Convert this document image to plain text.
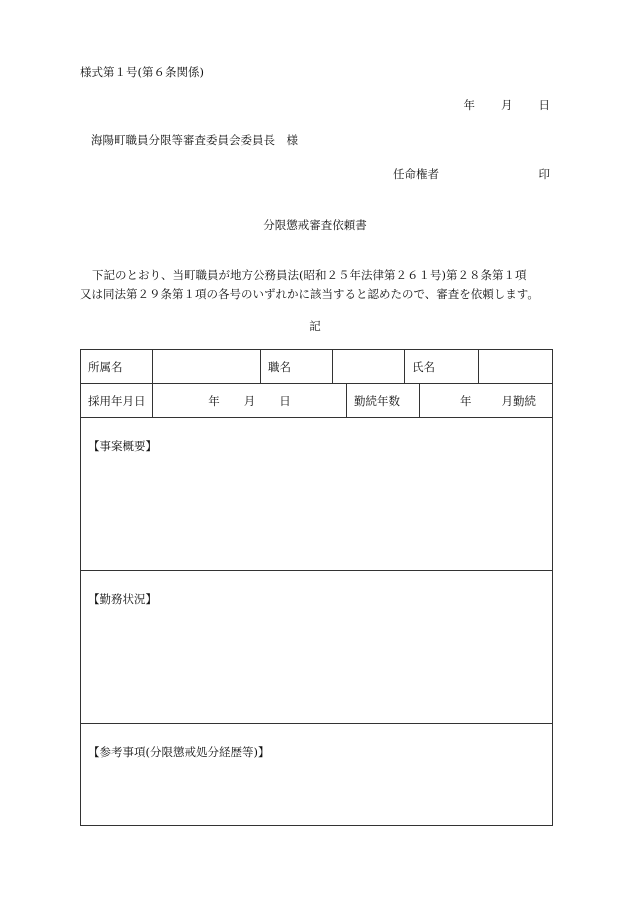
様式第１号(第６条関係)
年 月 日
海陽町職員分限等審査委員会委員長　様
任命権者	印
分限懲戒審査依頼書
下記のとおり、当町職員が地方公務員法(昭和２５年法律第２６１号)第２８条第１項
又は同法第２９条第１項の各号のいずれかに該当すると認めたので、審査を依頼します。
記
所属名		職名			氏名		
採用年月日	年 月 日			勤続年数		年 月勤続	
【事案概要】							
【勤務状況】							
【参考事項(分限懲戒処分経歴等)】							
